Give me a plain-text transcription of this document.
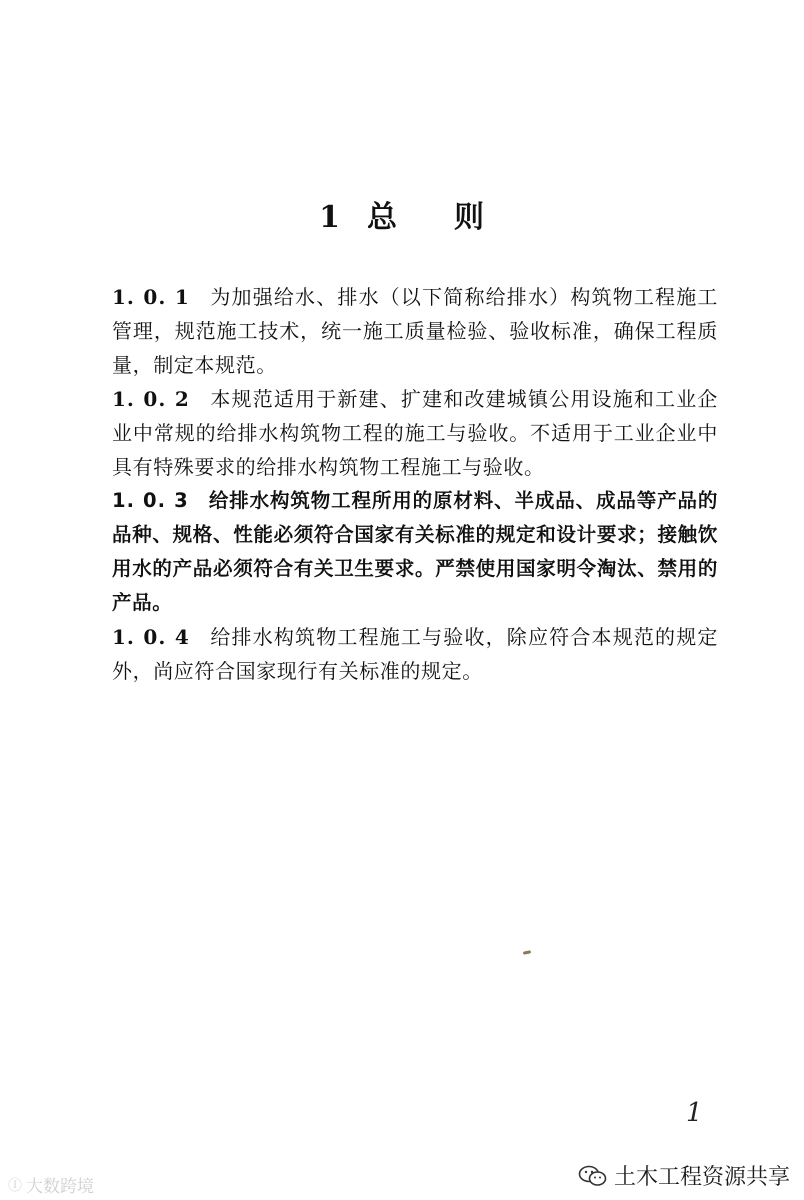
1 总 则

1. 0. 1 为加强给水、排水（以下简称给排水）构筑物工程施工管理，规范施工技术，统一施工质量检验、验收标准，确保工程质量，制定本规范。

1. 0. 2 本规范适用于新建、扩建和改建城镇公用设施和工业企业中常规的给排水构筑物工程的施工与验收。不适用于工业企业中具有特殊要求的给排水构筑物工程施工与验收。

1. 0. 3 给排水构筑物工程所用的原材料、半成品、成品等产品的品种、规格、性能必须符合国家有关标准的规定和设计要求；接触饮用水的产品必须符合有关卫生要求。严禁使用国家明令淘汰、禁用的产品。

1. 0. 4 给排水构筑物工程施工与验收，除应符合本规范的规定外，尚应符合国家现行有关标准的规定。

1
Ⓘ 大数跨境	土木工程资源共享
